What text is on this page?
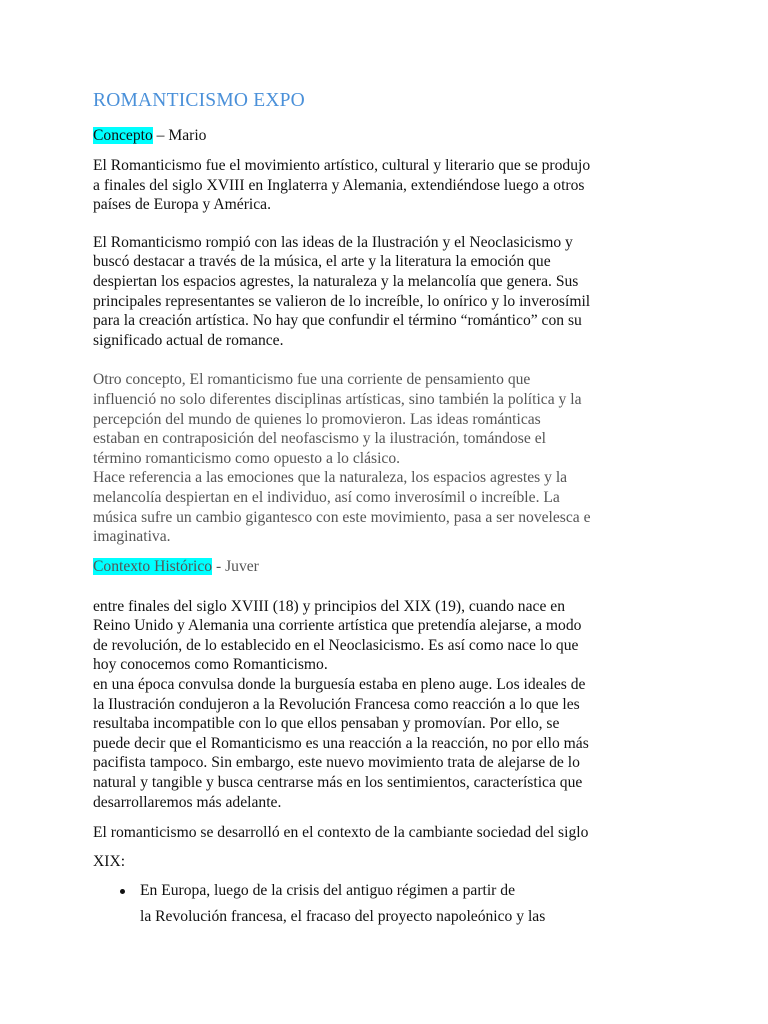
ROMANTICISMO EXPO

Concepto – Mario

El Romanticismo fue el movimiento artístico, cultural y literario que se produjo
a finales del siglo XVIII en Inglaterra y Alemania, extendiéndose luego a otros
países de Europa y América.

El Romanticismo rompió con las ideas de la Ilustración y el Neoclasicismo y
buscó destacar a través de la música, el arte y la literatura la emoción que
despiertan los espacios agrestes, la naturaleza y la melancolía que genera. Sus
principales representantes se valieron de lo increíble, lo onírico y lo inverosímil
para la creación artística. No hay que confundir el término “romántico” con su
significado actual de romance.

Otro concepto, El romanticismo fue una corriente de pensamiento que
influenció no solo diferentes disciplinas artísticas, sino también la política y la
percepción del mundo de quienes lo promovieron. Las ideas románticas
estaban en contraposición del neofascismo y la ilustración, tomándose el
término romanticismo como opuesto a lo clásico.
Hace referencia a las emociones que la naturaleza, los espacios agrestes y la
melancolía despiertan en el individuo, así como inverosímil o increíble. La
música sufre un cambio gigantesco con este movimiento, pasa a ser novelesca e
imaginativa.

Contexto Histórico - Juver

entre finales del siglo XVIII (18) y principios del XIX (19), cuando nace en
Reino Unido y Alemania una corriente artística que pretendía alejarse, a modo
de revolución, de lo establecido en el Neoclasicismo. Es así como nace lo que
hoy conocemos como Romanticismo.
en una época convulsa donde la burguesía estaba en pleno auge. Los ideales de
la Ilustración condujeron a la Revolución Francesa como reacción a lo que les
resultaba incompatible con lo que ellos pensaban y promovían. Por ello, se
puede decir que el Romanticismo es una reacción a la reacción, no por ello más
pacifista tampoco. Sin embargo, este nuevo movimiento trata de alejarse de lo
natural y tangible y busca centrarse más en los sentimientos, característica que
desarrollaremos más adelante.

El romanticismo se desarrolló en el contexto de la cambiante sociedad del siglo
XIX:

En Europa, luego de la crisis del antiguo régimen a partir de
la Revolución francesa, el fracaso del proyecto napoleónico y las
